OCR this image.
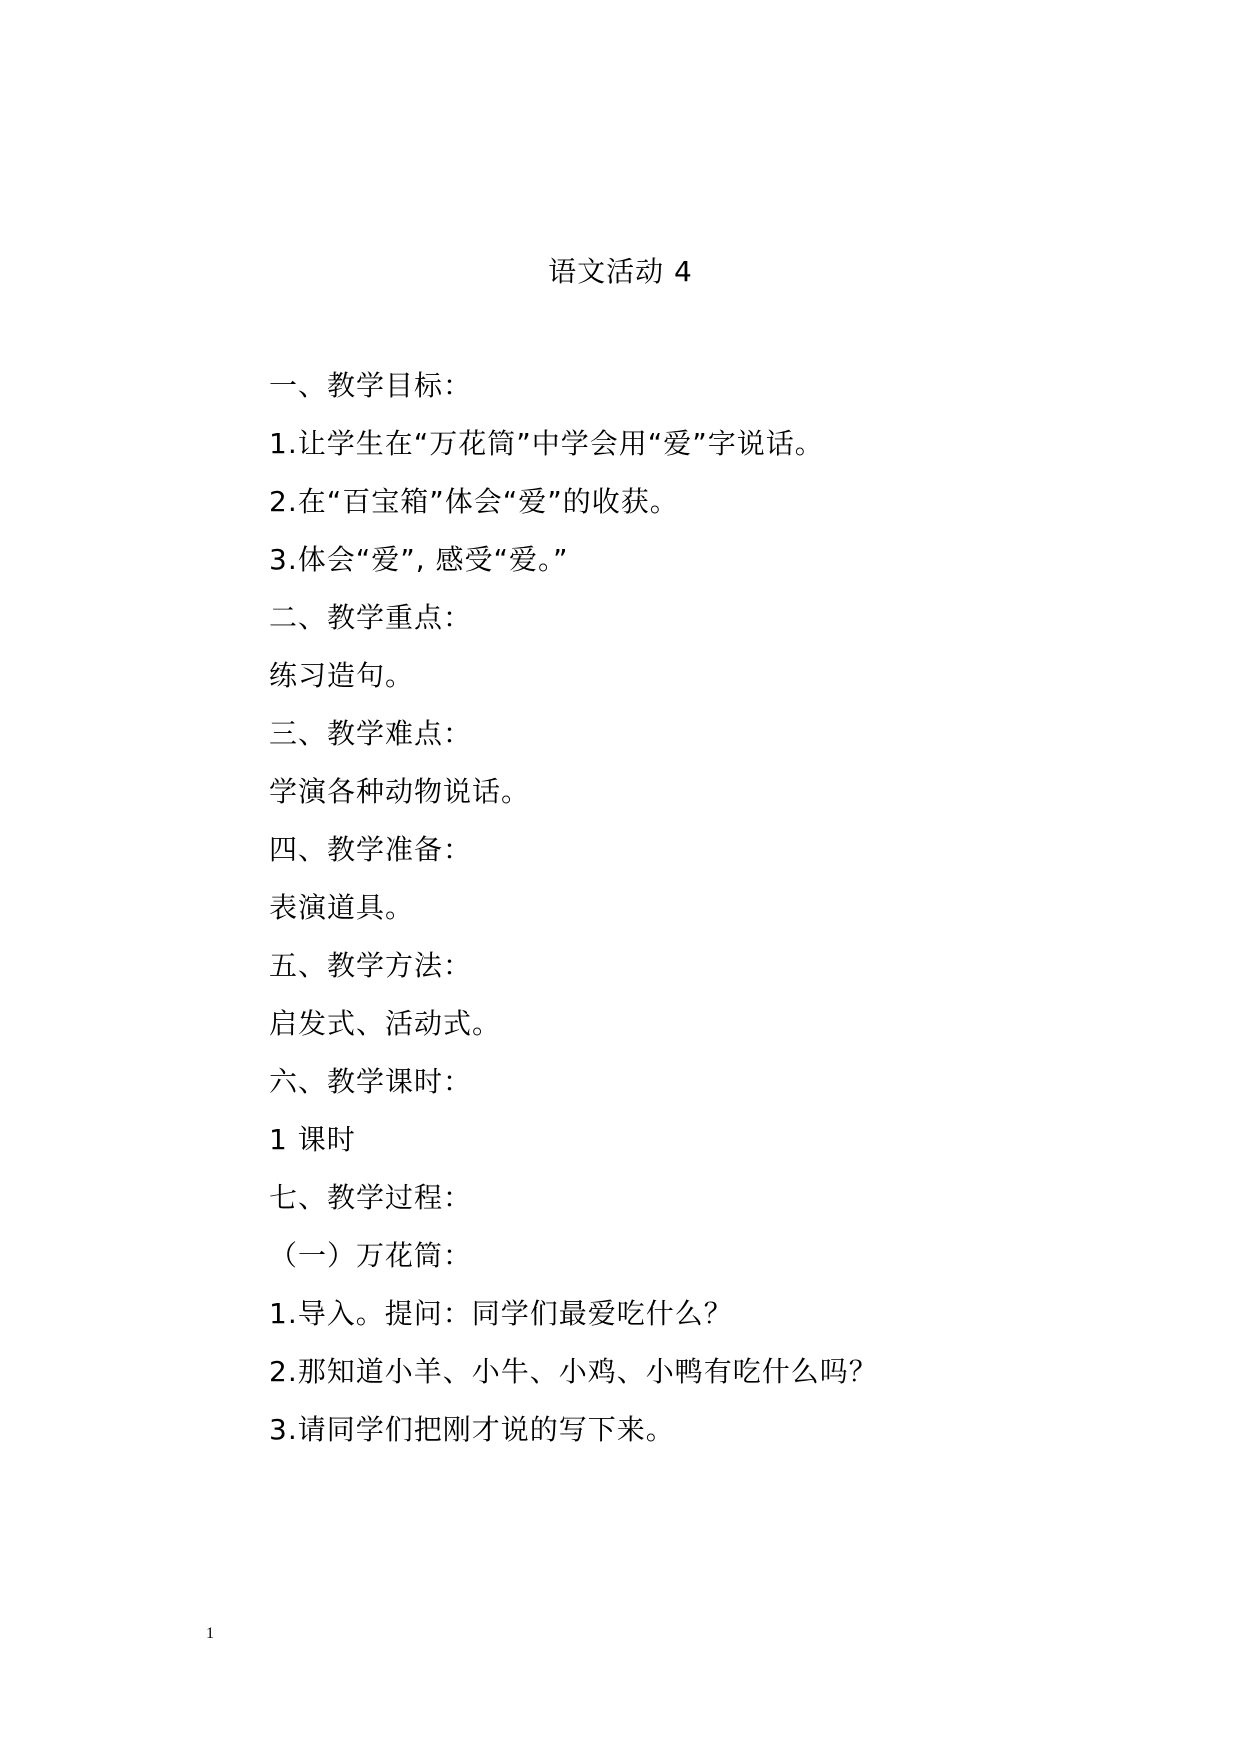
语文活动 4
一、教学目标：
1.让学生在“万花筒”中学会用“爱”字说话。
2.在“百宝箱”体会“爱”的收获。
3.体会“爱”, 感受“爱。”
二、教学重点：
练习造句。
三、教学难点：
学演各种动物说话。
四、教学准备：
表演道具。
五、教学方法：
启发式、活动式。
六、教学课时：
1 课时
七、教学过程：
（一）万花筒：
1.导入。提问：同学们最爱吃什么？
2.那知道小羊、小牛、小鸡、小鸭有吃什么吗？
3.请同学们把刚才说的写下来。
1
